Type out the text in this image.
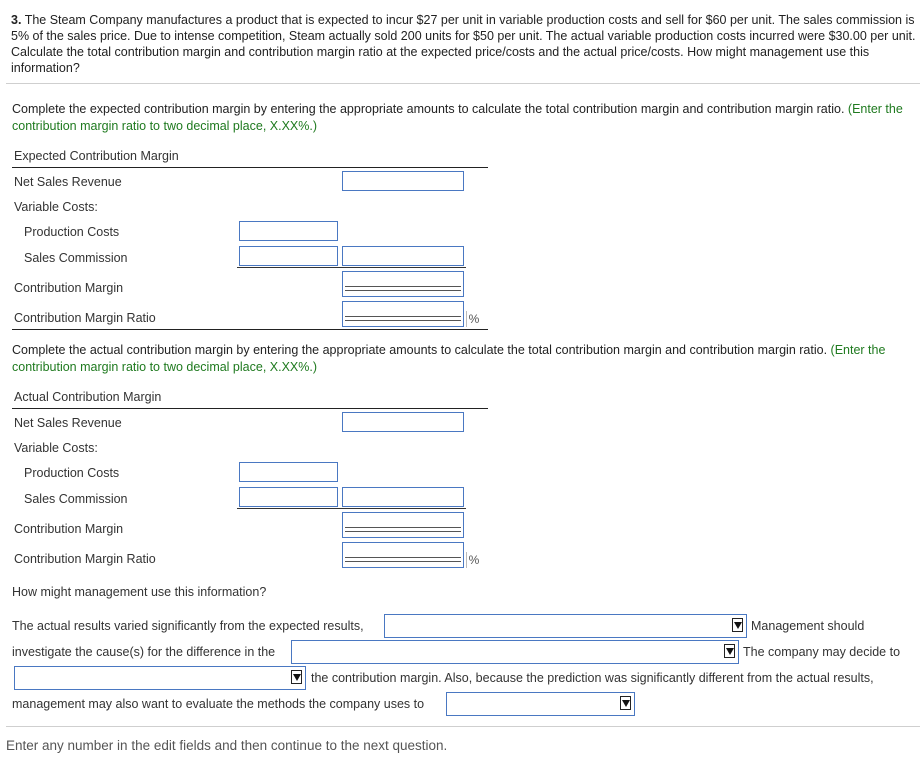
3. The Steam Company manufactures a product that is expected to incur $27 per unit in variable production costs and sell for $60 per unit. The sales commission is 5% of the sales price. Due to intense competition, Steam actually sold 200 units for $50 per unit. The actual variable production costs incurred were $30.00 per unit. Calculate the total contribution margin and contribution margin ratio at the expected price/costs and the actual price/costs. How might management use this information?
Complete the expected contribution margin by entering the appropriate amounts to calculate the total contribution margin and contribution margin ratio. (Enter the contribution margin ratio to two decimal place, X.XX%.)
Expected Contribution Margin
Net Sales Revenue
Variable Costs:
Production Costs
Sales Commission
Contribution Margin
Contribution Margin Ratio	%
Complete the actual contribution margin by entering the appropriate amounts to calculate the total contribution margin and contribution margin ratio. (Enter the contribution margin ratio to two decimal place, X.XX%.)
Actual Contribution Margin
Net Sales Revenue
Variable Costs:
Production Costs
Sales Commission
Contribution Margin
Contribution Margin Ratio	%
How might management use this information?
The actual results varied significantly from the expected results,	Management should
investigate the cause(s) for the difference in the	The company may decide to
the contribution margin. Also, because the prediction was significantly different from the actual results,
management may also want to evaluate the methods the company uses to
Enter any number in the edit fields and then continue to the next question.
